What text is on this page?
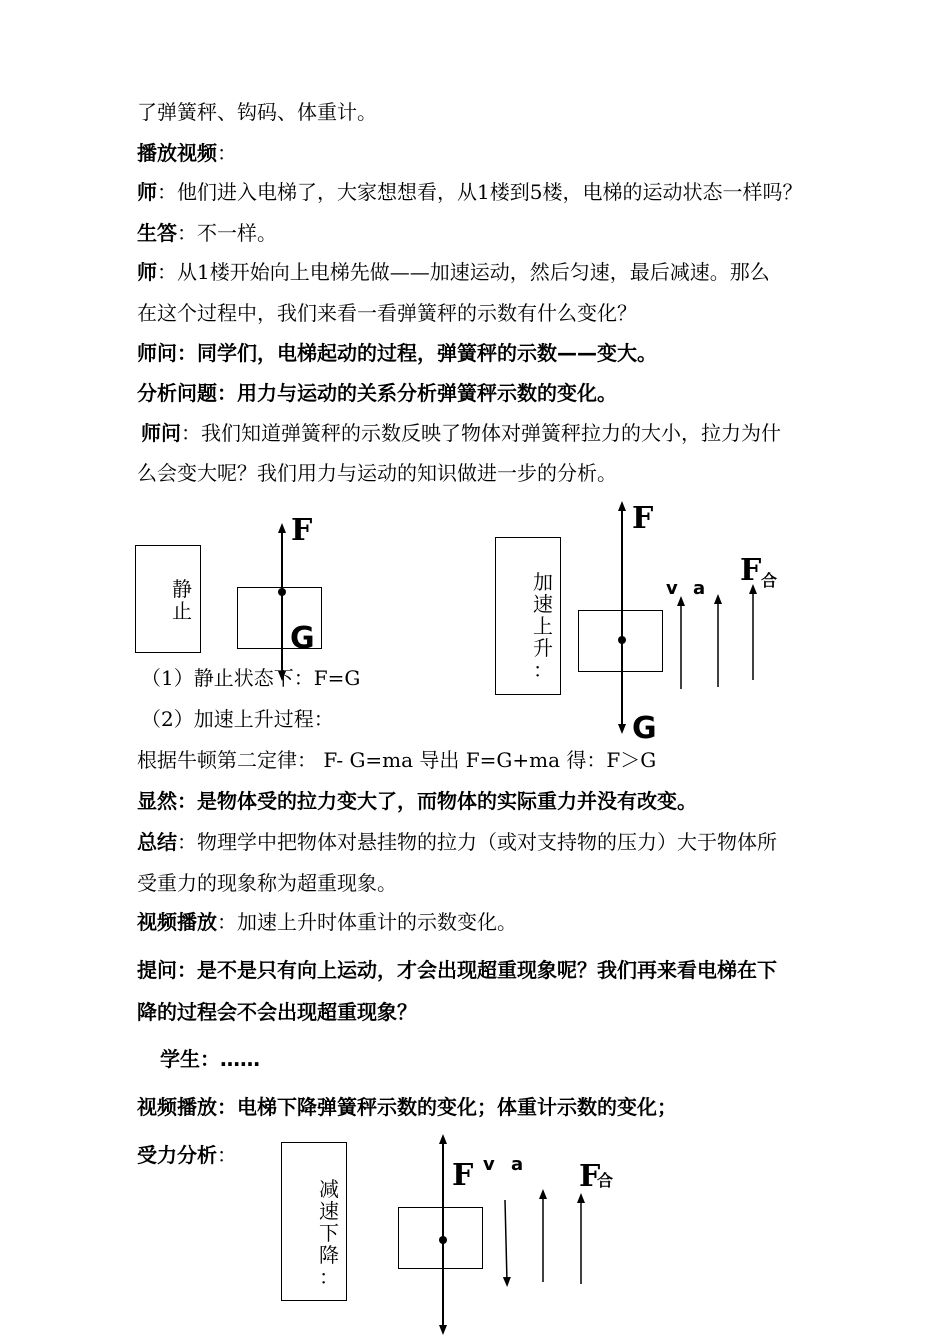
了弹簧秤、钩码、体重计。
播放视频：
师：他们进入电梯了，大家想想看，从1楼到5楼，电梯的运动状态一样吗？
生答：不一样。
师：从1楼开始向上电梯先做——加速运动，然后匀速，最后减速。那么
在这个过程中，我们来看一看弹簧秤的示数有什么变化？
师问：同学们，电梯起动的过程，弹簧秤的示数——变大。
分析问题：用力与运动的关系分析弹簧秤示数的变化。
师问：我们知道弹簧秤的示数反映了物体对弹簧秤拉力的大小，拉力为什
么会变大呢？我们用力与运动的知识做进一步的分析。
（1）静止状态下：F=G
（2）加速上升过程：
根据牛顿第二定律： F- G=ma 导出 F=G+ma 得：F＞G
显然：是物体受的拉力变大了，而物体的实际重力并没有改变。
总结：物理学中把物体对悬挂物的拉力（或对支持物的压力）大于物体所
受重力的现象称为超重现象。
视频播放：加速上升时体重计的示数变化。
提问：是不是只有向上运动，才会出现超重现象呢？我们再来看电梯在下
降的过程会不会出现超重现象？
学生：……
视频播放：电梯下降弹簧秤示数的变化；体重计示数的变化；
受力分析：
静
止
加
速
上
升
：
减
速
下
降
：
F
G
F
G
v a
F 合
F v a F
合
